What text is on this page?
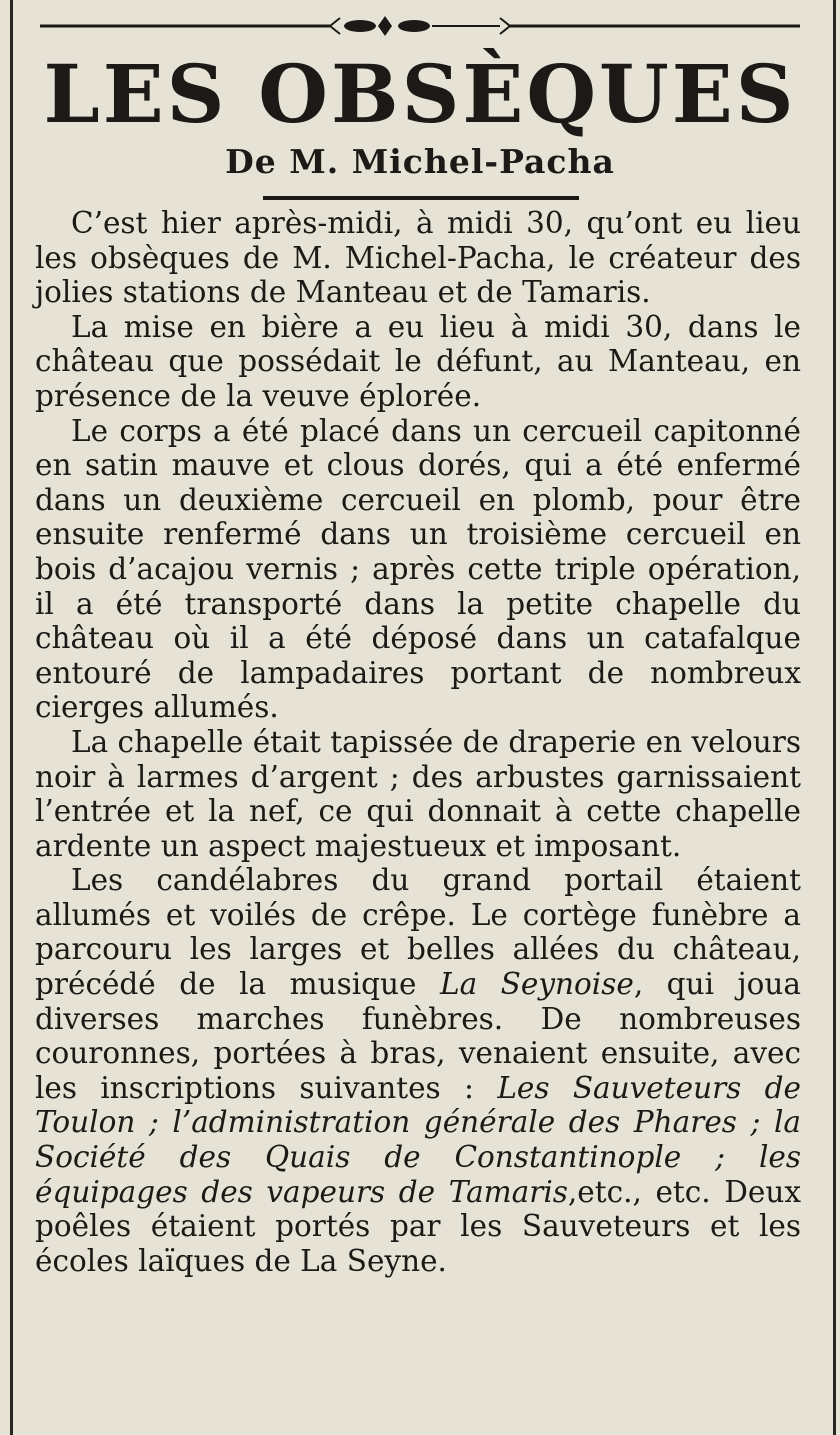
LES OBSÈQUES
De M. Michel-Pacha

C’est hier après-midi, à midi 30, qu’ont eu lieu les obsèques de M. Michel-Pacha, le créateur des jolies stations de Manteau et de Tamaris.

La mise en bière a eu lieu à midi 30, dans le château que possédait le défunt, au Manteau, en présence de la veuve éplorée.

Le corps a été placé dans un cercueil capitonné en satin mauve et clous dorés, qui a été enfermé dans un deuxième cercueil en plomb, pour être ensuite renfermé dans un troisième cercueil en bois d’acajou vernis ; après cette triple opération, il a été transporté dans la petite chapelle du château où il a été déposé dans un catafalque entouré de lampadaires portant de nombreux cierges allumés.

La chapelle était tapissée de draperie en velours noir à larmes d’argent ; des arbustes garnissaient l’entrée et la nef, ce qui donnait à cette chapelle ardente un aspect majestueux et imposant.

Les candélabres du grand portail étaient allumés et voilés de crêpe. Le cortège funèbre a parcouru les larges et belles allées du château, précédé de la musique La Seynoise, qui joua diverses marches funèbres. De nombreuses couronnes, portées à bras, venaient ensuite, avec les inscriptions suivantes : Les Sauveteurs de Toulon ; l’administration générale des Phares ; la Société des Quais de Constantinople ; les équipages des vapeurs de Tamaris,etc., etc. Deux poêles étaient portés par les Sauveteurs et les écoles laïques de La Seyne.
